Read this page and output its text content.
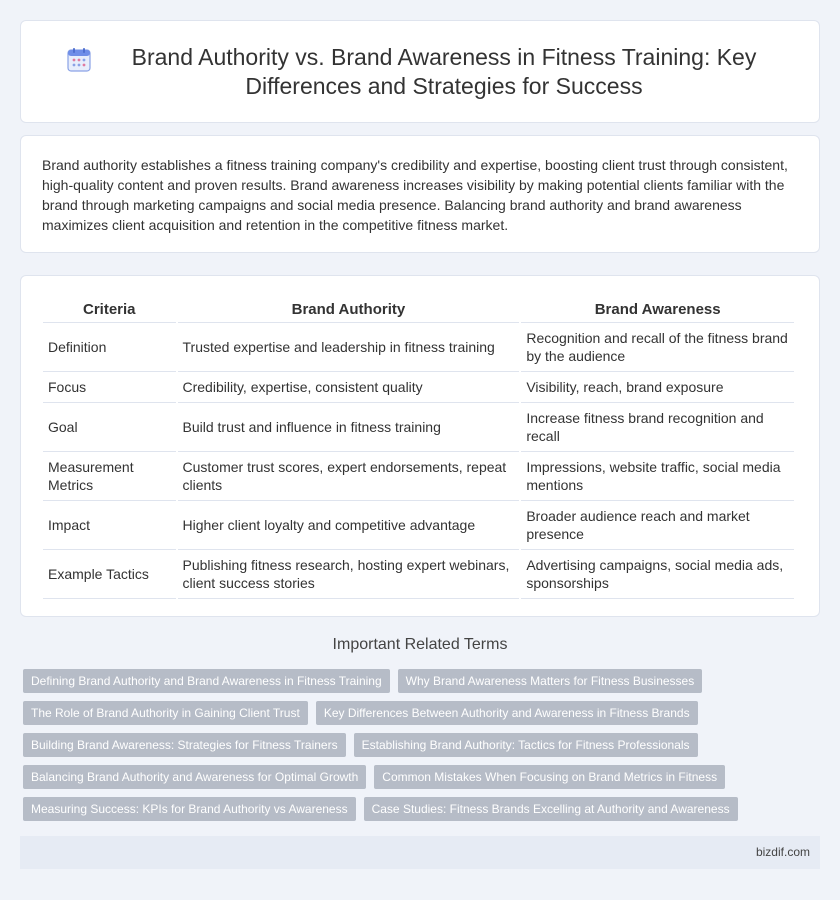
Brand Authority vs. Brand Awareness in Fitness Training: Key Differences and Strategies for Success

Brand authority establishes a fitness training company's credibility and expertise, boosting client trust through consistent, high-quality content and proven results. Brand awareness increases visibility by making potential clients familiar with the brand through marketing campaigns and social media presence. Balancing brand authority and brand awareness maximizes client acquisition and retention in the competitive fitness market.

Criteria	Brand Authority	Brand Awareness
Definition	Trusted expertise and leadership in fitness training	Recognition and recall of the fitness brand by the audience
Focus	Credibility, expertise, consistent quality	Visibility, reach, brand exposure
Goal	Build trust and influence in fitness training	Increase fitness brand recognition and recall
Measurement Metrics	Customer trust scores, expert endorsements, repeat clients	Impressions, website traffic, social media mentions
Impact	Higher client loyalty and competitive advantage	Broader audience reach and market presence
Example Tactics	Publishing fitness research, hosting expert webinars, client success stories	Advertising campaigns, social media ads, sponsorships
Important Related Terms
Defining Brand Authority and Brand Awareness in Fitness Training	Why Brand Awareness Matters for Fitness Businesses
The Role of Brand Authority in Gaining Client Trust	Key Differences Between Authority and Awareness in Fitness Brands
Building Brand Awareness: Strategies for Fitness Trainers	Establishing Brand Authority: Tactics for Fitness Professionals
Balancing Brand Authority and Awareness for Optimal Growth	Common Mistakes When Focusing on Brand Metrics in Fitness
Measuring Success: KPIs for Brand Authority vs Awareness	Case Studies: Fitness Brands Excelling at Authority and Awareness
bizdif.com
